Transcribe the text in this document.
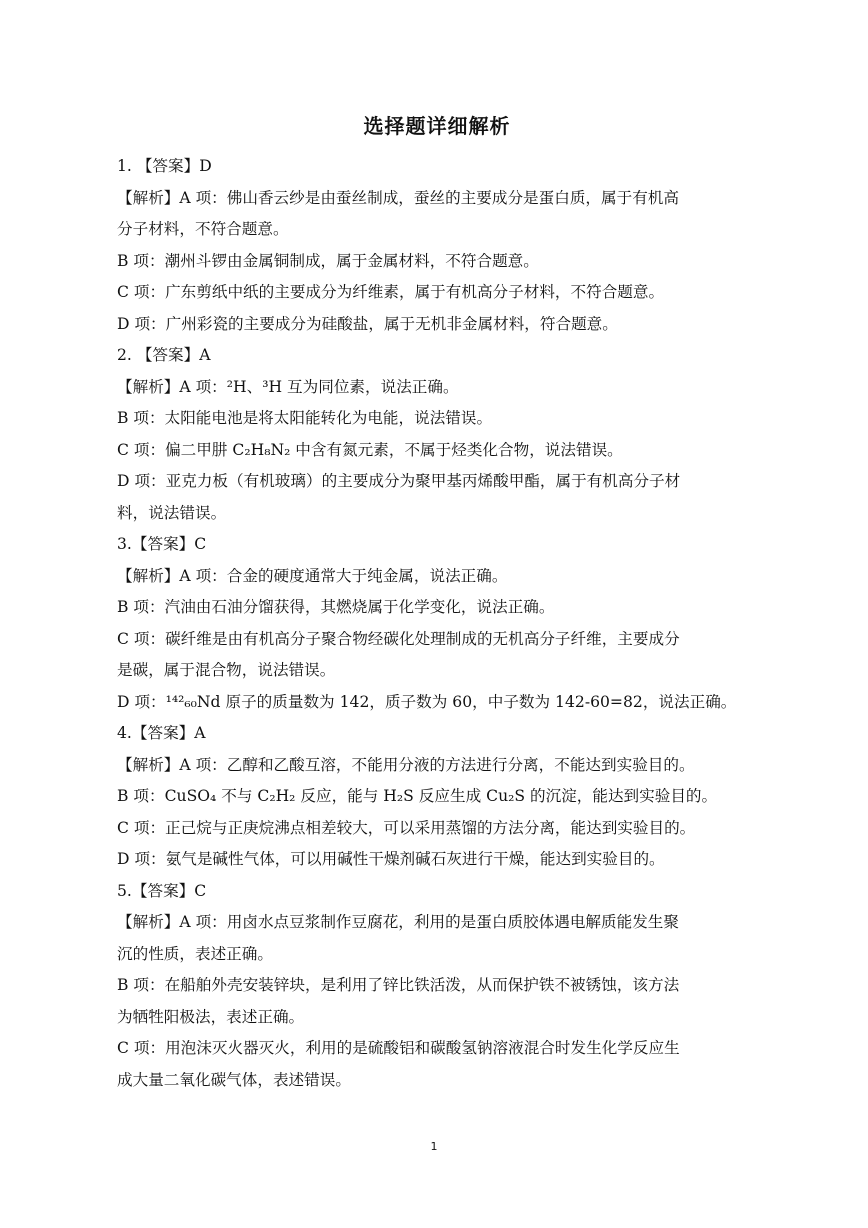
选择题详细解析
1. 【答案】D
【解析】A 项：佛山香云纱是由蚕丝制成，蚕丝的主要成分是蛋白质，属于有机高
分子材料，不符合题意。
B 项：潮州斗锣由金属铜制成，属于金属材料，不符合题意。
C 项：广东剪纸中纸的主要成分为纤维素，属于有机高分子材料，不符合题意。
D 项：广州彩瓷的主要成分为硅酸盐，属于无机非金属材料，符合题意。
2. 【答案】A
【解析】A 项：²H、³H 互为同位素，说法正确。
B 项：太阳能电池是将太阳能转化为电能，说法错误。
C 项：偏二甲肼 C₂H₈N₂ 中含有氮元素，不属于烃类化合物，说法错误。
D 项：亚克力板（有机玻璃）的主要成分为聚甲基丙烯酸甲酯，属于有机高分子材
料，说法错误。
3.【答案】C
【解析】A 项：合金的硬度通常大于纯金属，说法正确。
B 项：汽油由石油分馏获得，其燃烧属于化学变化，说法正确。
C 项：碳纤维是由有机高分子聚合物经碳化处理制成的无机高分子纤维，主要成分
是碳，属于混合物，说法错误。
D 项：¹⁴²₆₀Nd 原子的质量数为 142，质子数为 60，中子数为 142-60=82，说法正确。
4.【答案】A
【解析】A 项：乙醇和乙酸互溶，不能用分液的方法进行分离，不能达到实验目的。
B 项：CuSO₄ 不与 C₂H₂ 反应，能与 H₂S 反应生成 Cu₂S 的沉淀，能达到实验目的。
C 项：正己烷与正庚烷沸点相差较大，可以采用蒸馏的方法分离，能达到实验目的。
D 项：氨气是碱性气体，可以用碱性干燥剂碱石灰进行干燥，能达到实验目的。
5.【答案】C
【解析】A 项：用卤水点豆浆制作豆腐花，利用的是蛋白质胶体遇电解质能发生聚
沉的性质，表述正确。
B 项：在船舶外壳安装锌块，是利用了锌比铁活泼，从而保护铁不被锈蚀，该方法
为牺牲阳极法，表述正确。
C 项：用泡沫灭火器灭火，利用的是硫酸铝和碳酸氢钠溶液混合时发生化学反应生
成大量二氧化碳气体，表述错误。
1
